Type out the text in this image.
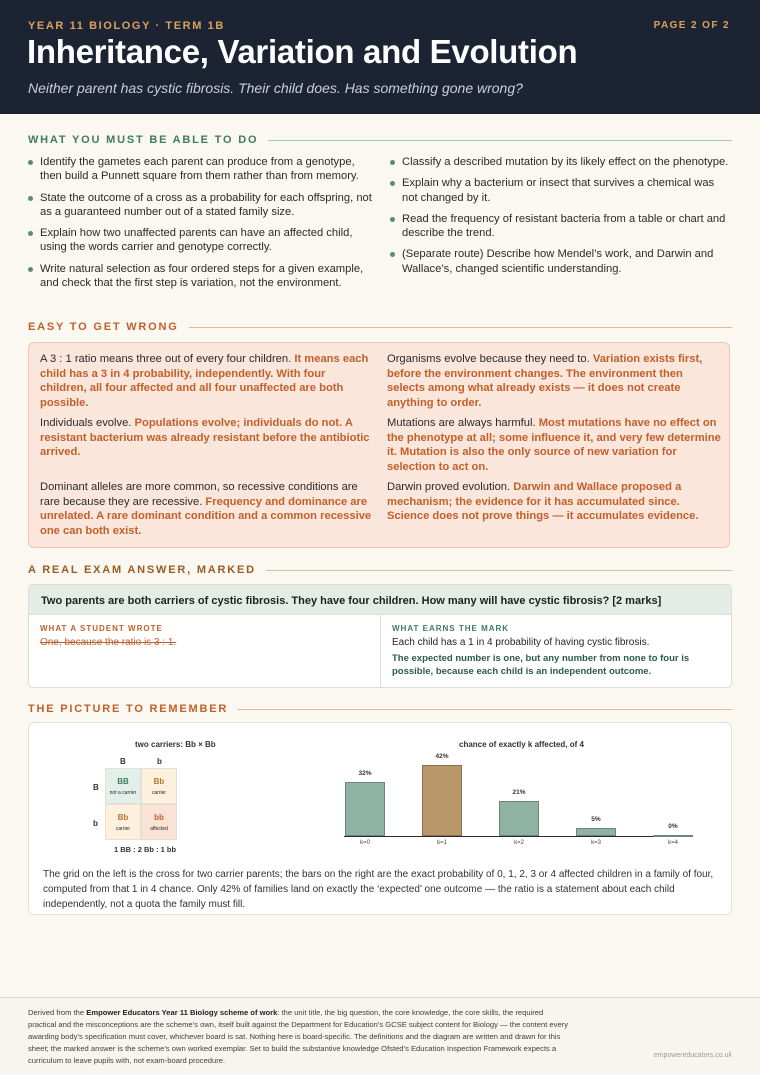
YEAR 11 BIOLOGY · TERM 1B	PAGE 2 OF 2
Inheritance, Variation and Evolution
Neither parent has cystic fibrosis. Their child does. Has something gone wrong?
WHAT YOU MUST BE ABLE TO DO
Identify the gametes each parent can produce from a genotype, then build a Punnett square from them rather than from memory.
State the outcome of a cross as a probability for each offspring, not as a guaranteed number out of a stated family size.
Explain how two unaffected parents can have an affected child, using the words carrier and genotype correctly.
Write natural selection as four ordered steps for a given example, and check that the first step is variation, not the environment.
Classify a described mutation by its likely effect on the phenotype.
Explain why a bacterium or insect that survives a chemical was not changed by it.
Read the frequency of resistant bacteria from a table or chart and describe the trend.
(Separate route) Describe how Mendel’s work, and Darwin and Wallace’s, changed scientific understanding.
EASY TO GET WRONG
A 3 : 1 ratio means three out of every four children. It means each child has a 3 in 4 probability, independently. With four children, all four affected and all four unaffected are both possible.
Organisms evolve because they need to. Variation exists first, before the environment changes. The environment then selects among what already exists — it does not create anything to order.
Individuals evolve. Populations evolve; individuals do not. A resistant bacterium was already resistant before the antibiotic arrived.
Mutations are always harmful. Most mutations have no effect on the phenotype at all; some influence it, and very few determine it. Mutation is also the only source of new variation for selection to act on.
Dominant alleles are more common, so recessive conditions are rare because they are recessive. Frequency and dominance are unrelated. A rare dominant condition and a common recessive one can both exist.
Darwin proved evolution. Darwin and Wallace proposed a mechanism; the evidence for it has accumulated since. Science does not prove things — it accumulates evidence.
A REAL EXAM ANSWER, MARKED
Two parents are both carriers of cystic fibrosis. They have four children. How many will have cystic fibrosis? [2 marks]
WHAT A STUDENT WROTE
One, because the ratio is 3 : 1.
WHAT EARNS THE MARK
Each child has a 1 in 4 probability of having cystic fibrosis.
The expected number is one, but any number from none to four is possible, because each child is an independent outcome.
THE PICTURE TO REMEMBER
two carriers: Bb × Bb
B	b
B
b
BB
not a carrier
Bb
carrier
Bb
carrier
bb
affected
1 BB : 2 Bb : 1 bb
chance of exactly k affected, of 4
The grid on the left is the cross for two carrier parents; the bars on the right are the exact probability of 0, 1, 2, 3 or 4 affected children in a family of four, computed from that 1 in 4 chance. Only 42% of families land on exactly the ‘expected’ one outcome — the ratio is a statement about each child independently, not a quota the family must fill.
32%
k=0
42%
k=1
21%
k=2
5%
k=3
0%
k=4
Derived from the Empower Educators Year 11 Biology scheme of work: the unit title, the big question, the core knowledge, the core skills, the required practical and the misconceptions are the scheme’s own, itself built against the Department for Education’s GCSE subject content for Biology — the content every awarding body’s specification must cover, whichever board is sat. Nothing here is board-specific. The definitions and the diagram are written and drawn for this sheet; the marked answer is the scheme’s own worked exemplar. Set to build the substantive knowledge Ofsted’s Education Inspection Framework expects a curriculum to leave pupils with, not exam-board procedure.
empowereducators.co.uk
